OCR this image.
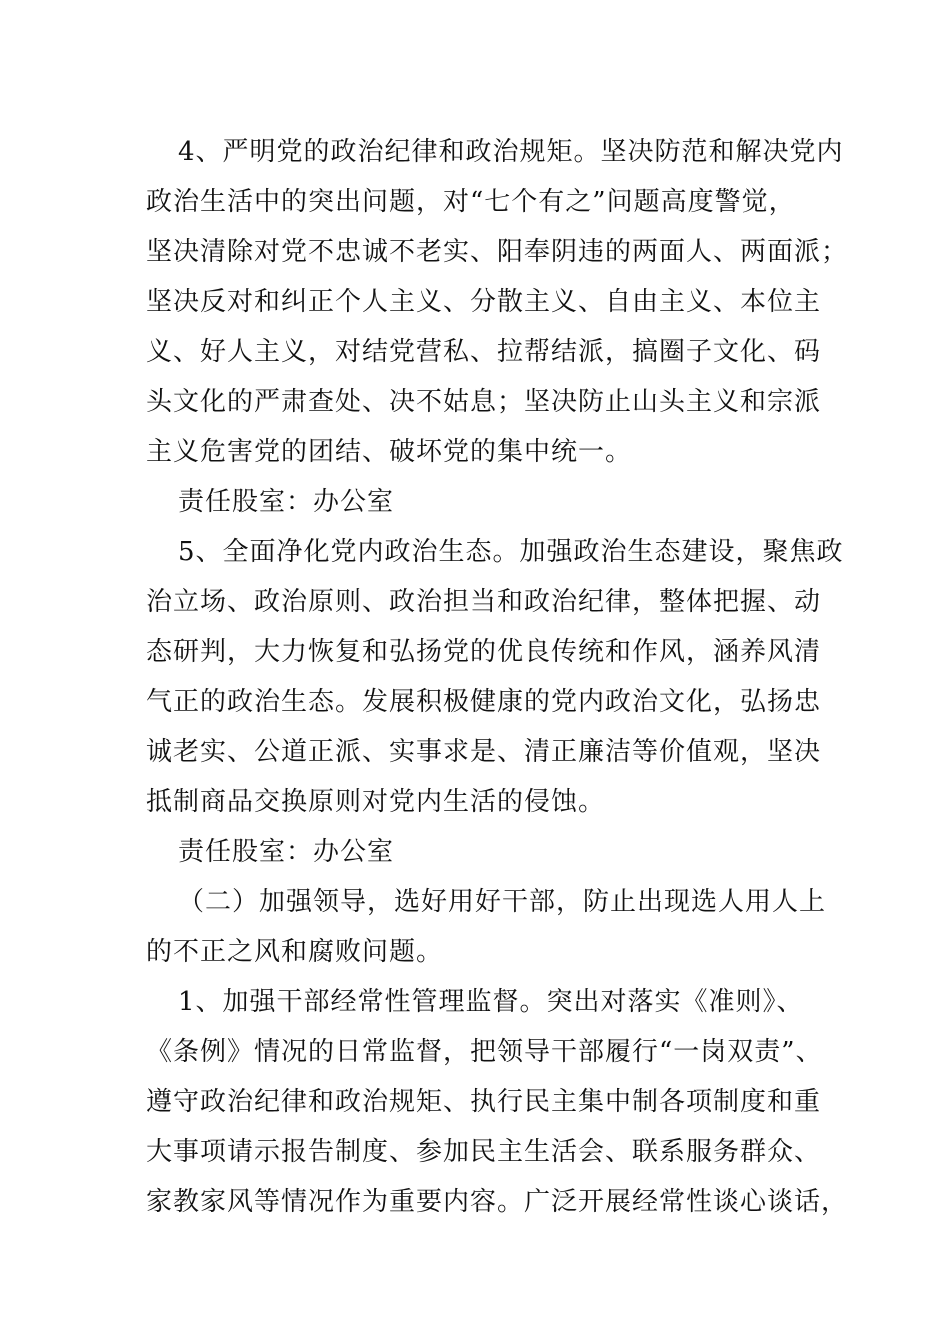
4、严明党的政治纪律和政治规矩。坚决防范和解决党内
政治生活中的突出问题，对“七个有之”问题高度警觉，
坚决清除对党不忠诚不老实、阳奉阴违的两面人、两面派；
坚决反对和纠正个人主义、分散主义、自由主义、本位主
义、好人主义，对结党营私、拉帮结派，搞圈子文化、码
头文化的严肃查处、决不姑息；坚决防止山头主义和宗派
主义危害党的团结、破坏党的集中统一。
责任股室：办公室
5、全面净化党内政治生态。加强政治生态建设，聚焦政
治立场、政治原则、政治担当和政治纪律，整体把握、动
态研判，大力恢复和弘扬党的优良传统和作风，涵养风清
气正的政治生态。发展积极健康的党内政治文化，弘扬忠
诚老实、公道正派、实事求是、清正廉洁等价值观，坚决
抵制商品交换原则对党内生活的侵蚀。
责任股室：办公室
（二）加强领导，选好用好干部，防止出现选人用人上
的不正之风和腐败问题。
1、加强干部经常性管理监督。突出对落实《准则》、
《条例》情况的日常监督，把领导干部履行“一岗双责”、
遵守政治纪律和政治规矩、执行民主集中制各项制度和重
大事项请示报告制度、参加民主生活会、联系服务群众、
家教家风等情况作为重要内容。广泛开展经常性谈心谈话，
